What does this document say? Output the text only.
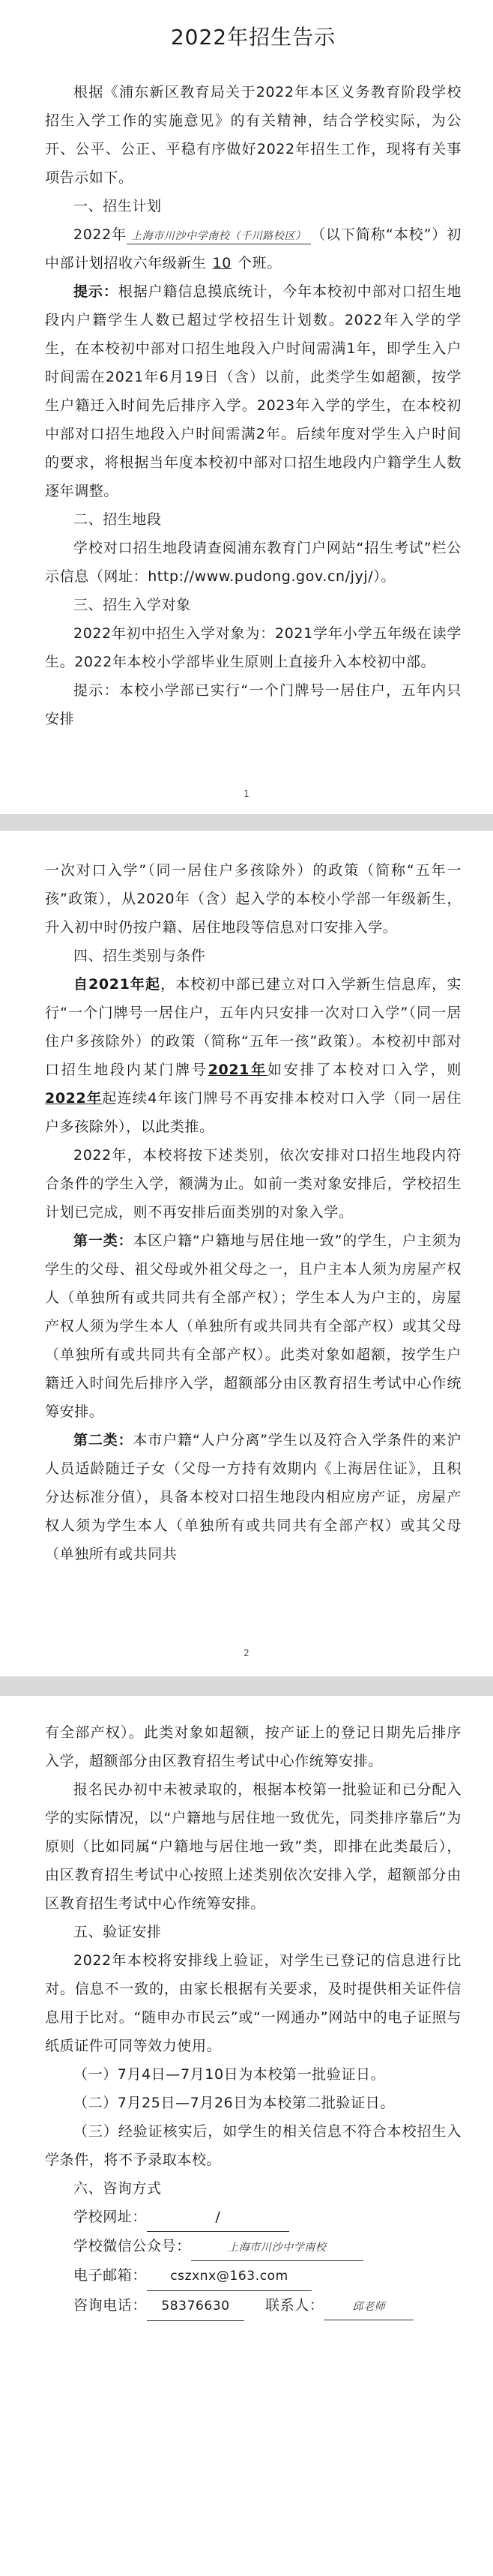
2022年招生告示

根据《浦东新区教育局关于2022年本区义务教育阶段学校招生入学工作的实施意见》的有关精神，结合学校实际，为公开、公平、公正、平稳有序做好2022年招生工作，现将有关事项告示如下。

一、招生计划

2022年 上海市川沙中学南校（千川路校区） （以下简称“本校”）初中部计划招收六年级新生 10 个班。

提示：根据户籍信息摸底统计，今年本校初中部对口招生地段内户籍学生人数已超过学校招生计划数。2022年入学的学生，在本校初中部对口招生地段入户时间需满1年，即学生入户时间需在2021年6月19日（含）以前，此类学生如超额，按学生户籍迁入时间先后排序入学。2023年入学的学生，在本校初中部对口招生地段入户时间需满2年。后续年度对学生入户时间的要求，将根据当年度本校初中部对口招生地段内户籍学生人数逐年调整。

二、招生地段

学校对口招生地段请查阅浦东教育门户网站“招生考试”栏公示信息（网址：http://www.pudong.gov.cn/jyj/）。

三、招生入学对象

2022年初中招生入学对象为：2021学年小学五年级在读学生。2022年本校小学部毕业生原则上直接升入本校初中部。

提示：本校小学部已实行“一个门牌号一居住户，五年内只安排

1

一次对口入学”（同一居住户多孩除外）的政策（简称“五年一孩”政策），从2020年（含）起入学的本校小学部一年级新生，升入初中时仍按户籍、居住地段等信息对口安排入学。

四、招生类别与条件

自2021年起，本校初中部已建立对口入学新生信息库，实行“一个门牌号一居住户，五年内只安排一次对口入学”（同一居住户多孩除外）的政策（简称“五年一孩”政策）。本校初中部对口招生地段内某门牌号2021年如安排了本校对口入学，则2022年起连续4年该门牌号不再安排本校对口入学（同一居住户多孩除外），以此类推。

2022年，本校将按下述类别，依次安排对口招生地段内符合条件的学生入学，额满为止。如前一类对象安排后，学校招生计划已完成，则不再安排后面类别的对象入学。

第一类：本区户籍“户籍地与居住地一致”的学生，户主须为学生的父母、祖父母或外祖父母之一，且户主本人须为房屋产权人（单独所有或共同共有全部产权）；学生本人为户主的，房屋产权人须为学生本人（单独所有或共同共有全部产权）或其父母（单独所有或共同共有全部产权）。此类对象如超额，按学生户籍迁入时间先后排序入学，超额部分由区教育招生考试中心作统筹安排。

第二类：本市户籍“人户分离”学生以及符合入学条件的来沪人员适龄随迁子女（父母一方持有效期内《上海居住证》，且积分达标准分值），具备本校对口招生地段内相应房产证，房屋产权人须为学生本人（单独所有或共同共有全部产权）或其父母（单独所有或共同共

2

有全部产权）。此类对象如超额，按产证上的登记日期先后排序入学，超额部分由区教育招生考试中心作统筹安排。

报名民办初中未被录取的，根据本校第一批验证和已分配入学的实际情况，以“户籍地与居住地一致优先，同类排序靠后”为原则（比如同属“户籍地与居住地一致”类，即排在此类最后），由区教育招生考试中心按照上述类别依次安排入学，超额部分由区教育招生考试中心作统筹安排。

五、验证安排

2022年本校将安排线上验证，对学生已登记的信息进行比对。信息不一致的，由家长根据有关要求，及时提供相关证件信息用于比对。“随申办市民云”或“一网通办”网站中的电子证照与纸质证件可同等效力使用。

（一）7月4日—7月10日为本校第一批验证日。

（二）7月25日—7月26日为本校第二批验证日。

（三）经验证核实后，如学生的相关信息不符合本校招生入学条件，将不予录取本校。

六、咨询方式

学校网址：	/

学校微信公众号：	上海市川沙中学南校

电子邮箱： cszxnx@163.com

咨询电话： 58376630 联系人：	邱老师
